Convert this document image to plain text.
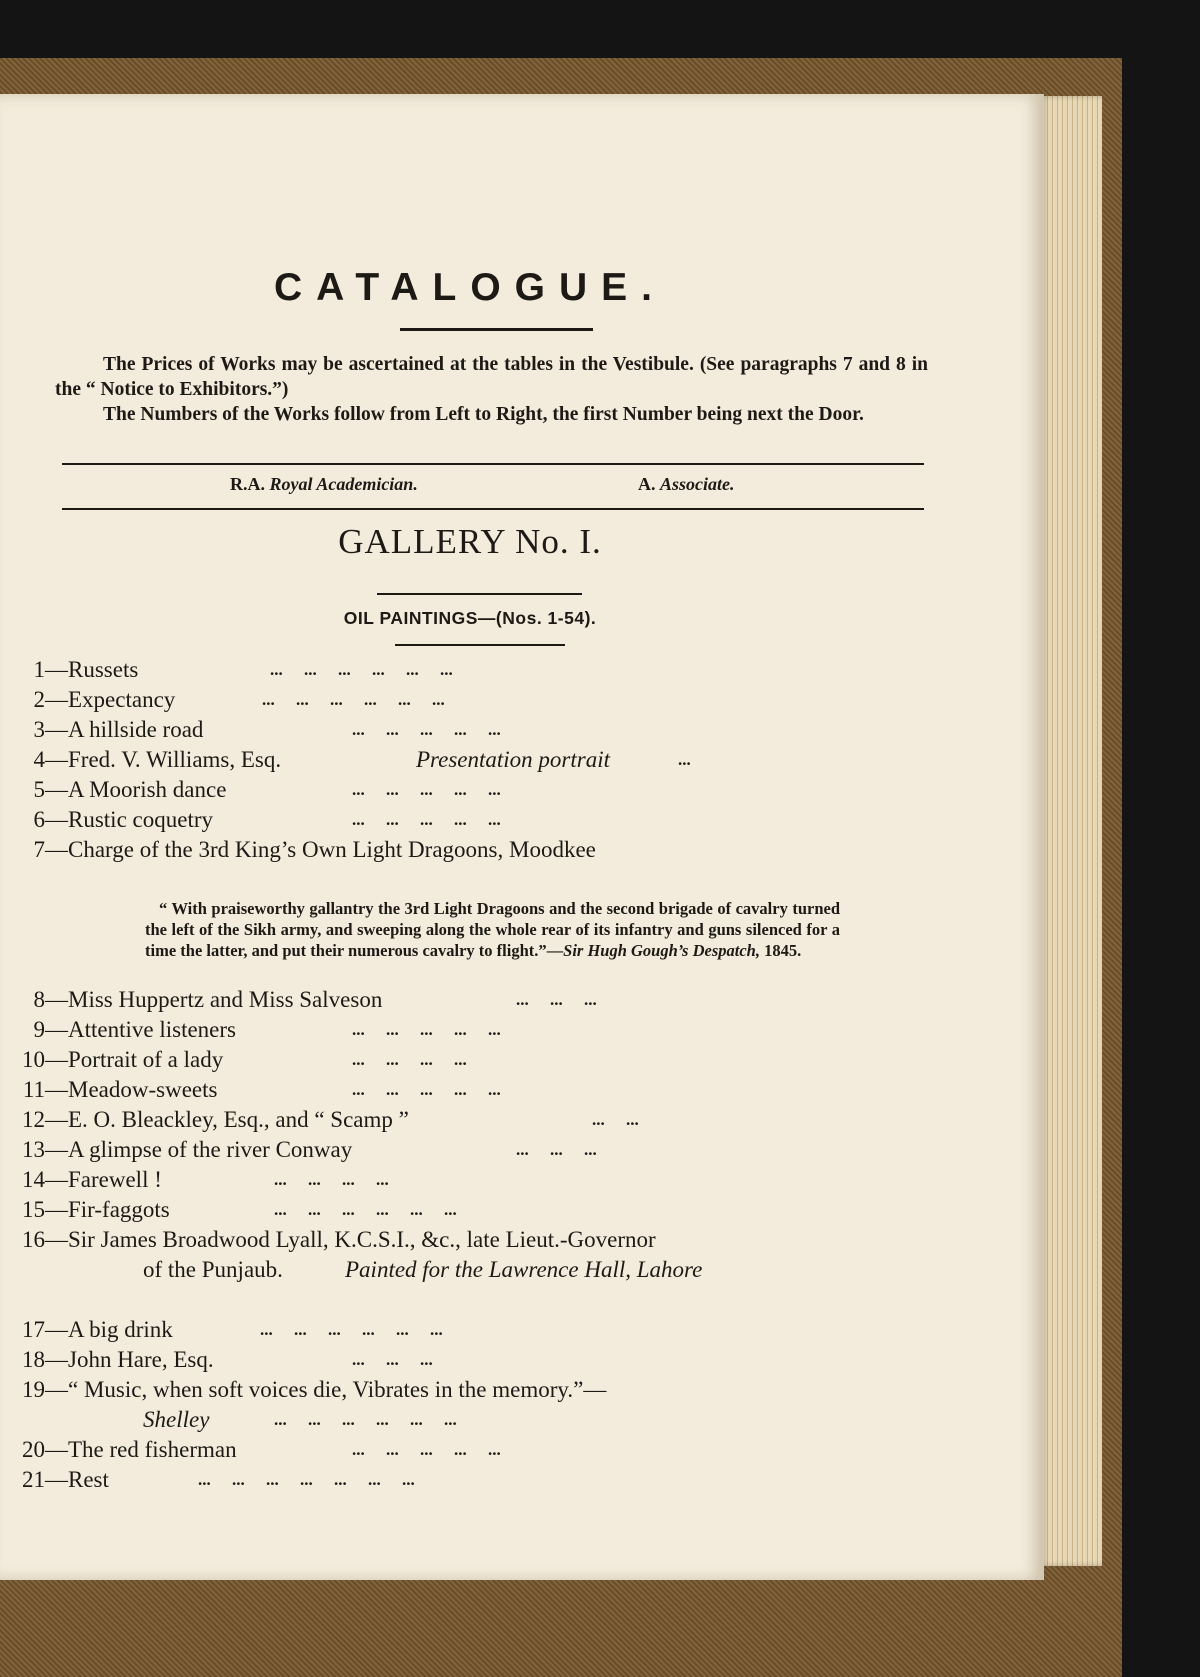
CATALOGUE.
The Prices of Works may be ascertained at the tables in the Vestibule. (See paragraphs 7 and 8 in the “ Notice to Exhibitors.”)
The Numbers of the Works follow from Left to Right, the first Number being next the Door.
R.A. Royal Academician.	A. Associate.
GALLERY No. I.
OIL PAINTINGS—(Nos. 1-54).
1—Russets	...     ...     ...     ...     ...     ...
2—Expectancy	...     ...     ...     ...     ...     ...
3—A hillside road	...     ...     ...     ...     ...
4—Fred. V. Williams, Esq.	Presentation portrait	...
5—A Moorish dance	...     ...     ...     ...     ...
6—Rustic coquetry	...     ...     ...     ...     ...
7—Charge of the 3rd King’s Own Light Dragoons, Moodkee
“ With praiseworthy gallantry the 3rd Light Dragoons and the second brigade of cavalry turned the left of the Sikh army, and sweeping along the whole rear of its infantry and guns silenced for a time the latter, and put their numerous cavalry to flight.”—Sir Hugh Gough’s Despatch, 1845.
8—Miss Huppertz and Miss Salveson	...     ...     ...
9—Attentive listeners	...     ...     ...     ...     ...
10—Portrait of a lady	...     ...     ...     ...
11—Meadow-sweets	...     ...     ...     ...     ...
12—E. O. Bleackley, Esq., and “ Scamp ”	...     ...
13—A glimpse of the river Conway	...     ...     ...
14—Farewell !	...     ...     ...     ...
15—Fir-faggots	...     ...     ...     ...     ...     ...
16—Sir James Broadwood Lyall, K.C.S.I., &c., late Lieut.-Governor
of the Punjaub.	Painted for the Lawrence Hall, Lahore
17—A big drink	...     ...     ...     ...     ...     ...
18—John Hare, Esq.	...     ...     ...
19—“ Music, when soft voices die, Vibrates in the memory.”—
Shelley	...     ...     ...     ...     ...     ...
20—The red fisherman	...     ...     ...     ...     ...
21—Rest	...     ...     ...     ...     ...     ...     ...
